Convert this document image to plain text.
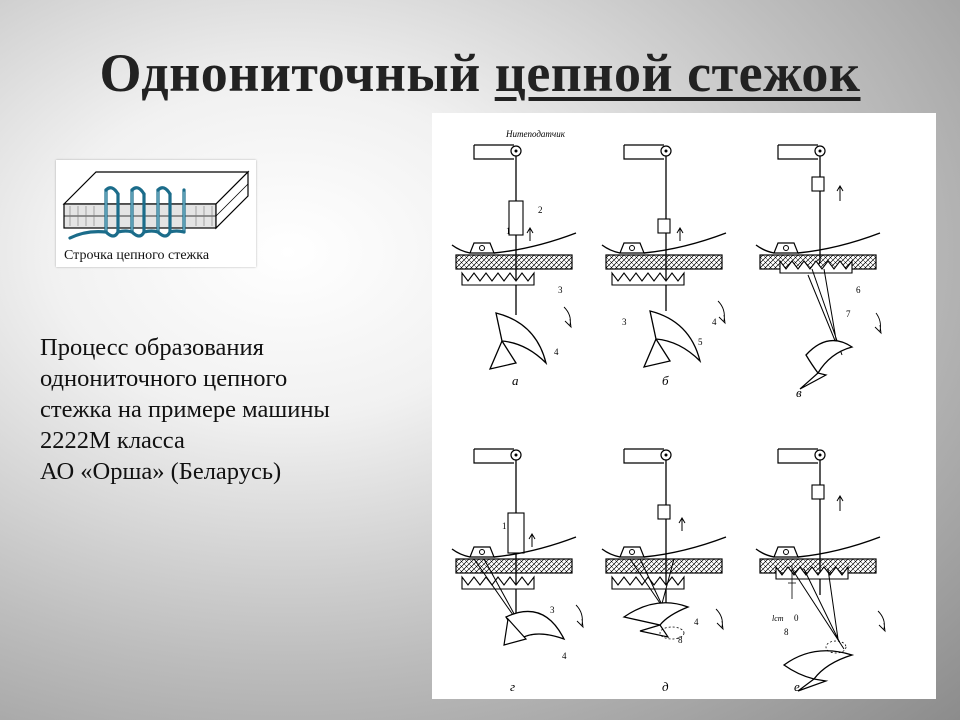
Однониточный цепной стежок
Строчка цепного стежка
Процесс образования
однониточного цепного
стежка на примере машины
2222М класса
АО «Орша» (Беларусь)
Нитеподатчик
1
2
3
4
а
3	4
5
б
6
7
в
1
3
4
г
4
8
д
lст 0
8
е
